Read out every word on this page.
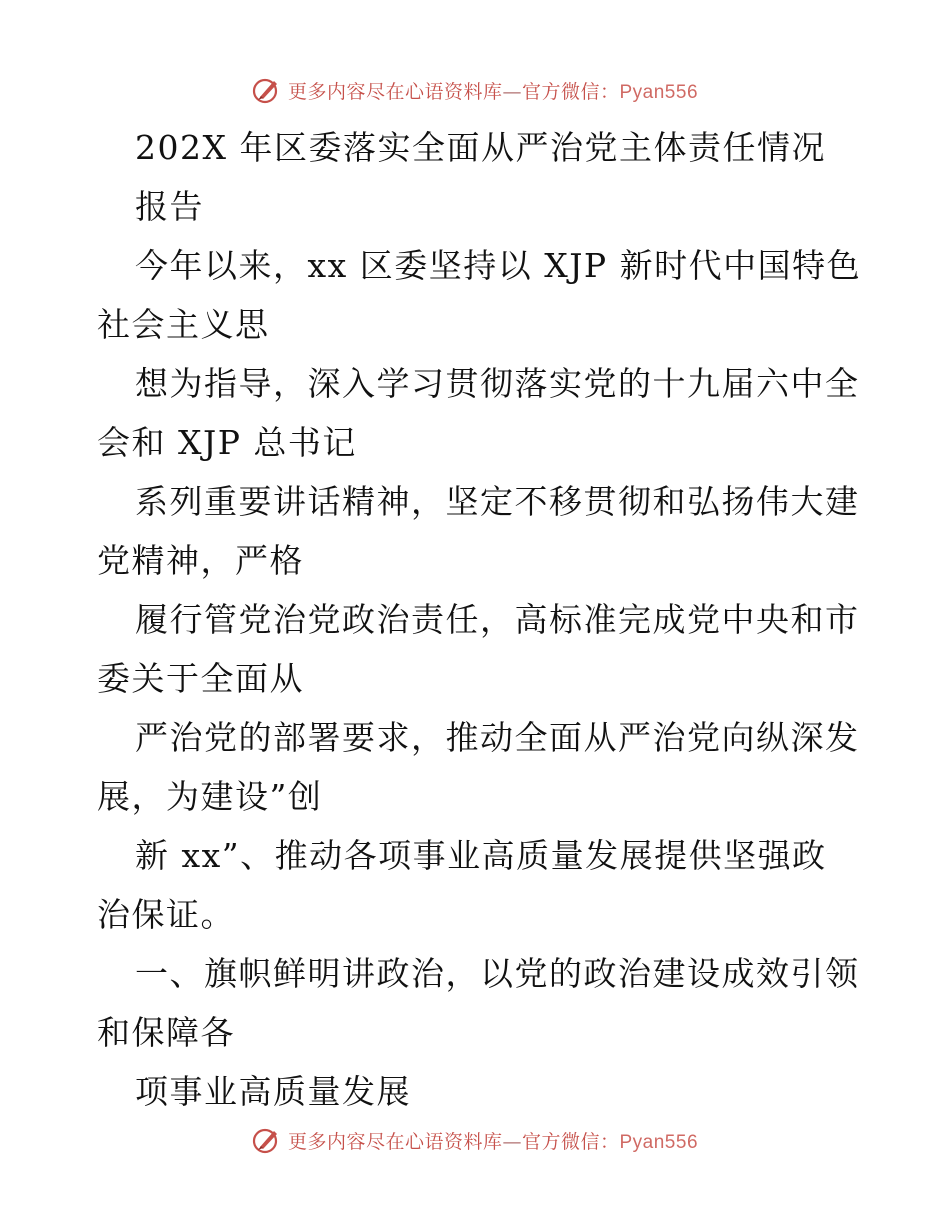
更多内容尽在心语资料库—官方微信：Pyan556
202X 年区委落实全面从严治党主体责任情况
报告
今年以来，xx 区委坚持以 XJP 新时代中国特色
社会主义思
想为指导，深入学习贯彻落实党的十九届六中全
会和 XJP 总书记
系列重要讲话精神，坚定不移贯彻和弘扬伟大建
党精神，严格
履行管党治党政治责任，高标准完成党中央和市
委关于全面从
严治党的部署要求，推动全面从严治党向纵深发
展，为建设”创
新 xx”、推动各项事业高质量发展提供坚强政
治保证。
一、旗帜鲜明讲政治，以党的政治建设成效引领
和保障各
项事业高质量发展
更多内容尽在心语资料库—官方微信：Pyan556
